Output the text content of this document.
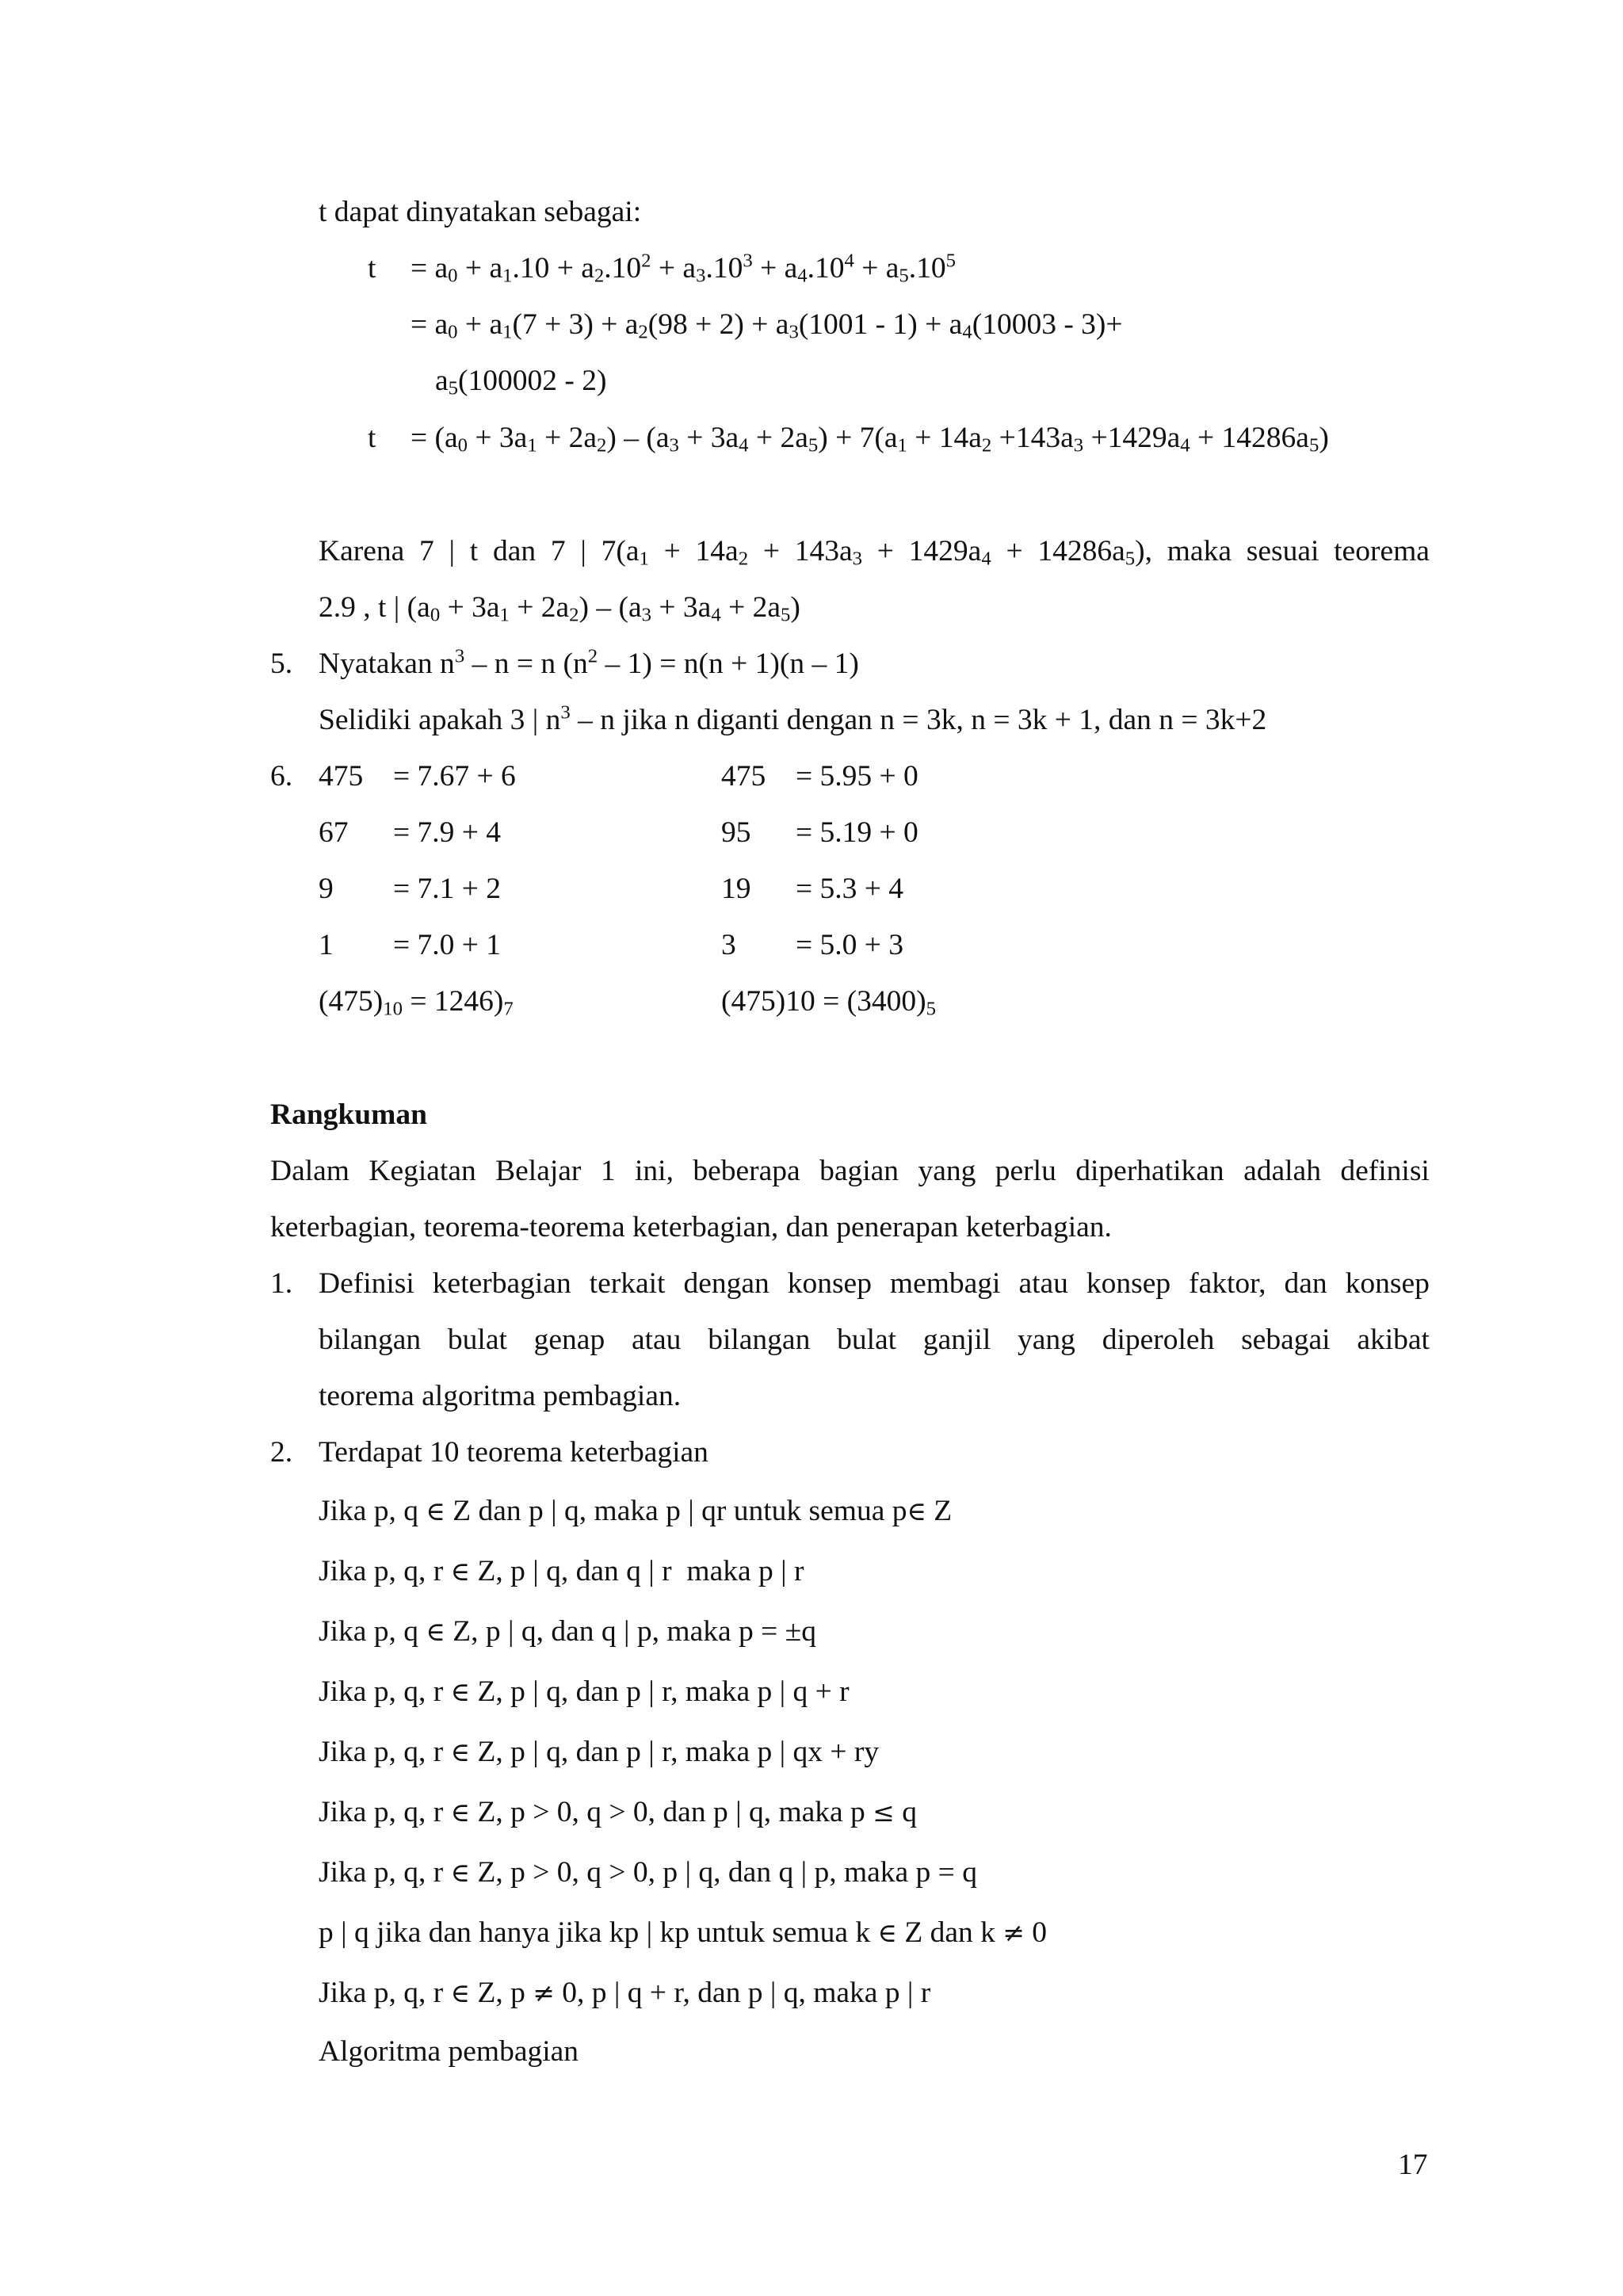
t dapat dinyatakan sebagai:
$t = a_0 + a_1.10 + a_2.10^2 + a_3.10^3 + a_4.10^4 + a_5.10^5$
= $a_0 + a_1(7 + 3) + a_2(98 + 2) + a_3(1001 - 1) + a_4(10003 - 3)+$
$a_5(100002 - 2)$
$t = (a_0 + 3a_1 + 2a_2) - (a_3 + 3a_4 + 2a_5) + 7(a_1 + 14a_2 +143a_3 +1429a_4 + 14286a_5)$
Karena 7 | t dan 7 | $7(a_1 + 14a_2 + 143a_3 + 1429a_4 + 14286a_5)$, maka sesuai teorema
2.9 , t | $(a_0 + 3a_1 + 2a_2) - (a_3 + 3a_4 + 2a_5)$
5. Nyatakan $n^3 - n = n$ $(n^2 - 1) = n(n + 1)(n - 1)$
Selidiki apakah 3 | $n^3$ – n jika n diganti dengan n = 3k, n = 3k + 1, dan n = 3k+2
6. 475 = 7.67 + 6	475 = 5.95 + 0
67 = 7.9 + 4	95 = 5.19 + 0
9 = 7.1 + 2	19 = 5.3 + 4
1 = 7.0 + 1	3 = 5.0 + 3
$(475)_{10} = 1246)_7$	$(475)10 = (3400)_5$
Rangkuman
Dalam Kegiatan Belajar 1 ini, beberapa bagian yang perlu diperhatikan adalah definisi
keterbagian, teorema-teorema keterbagian, dan penerapan keterbagian.
1. Definisi keterbagian terkait dengan konsep membagi atau konsep faktor, dan konsep
bilangan bulat genap atau bilangan bulat ganjil yang diperoleh sebagai akibat
teorema algoritma pembagian.
2. Terdapat 10 teorema keterbagian
Jika p, q ∈ Z dan p | q, maka p | qr untuk semua p∈ Z
Jika p, q, r ∈ Z, p | q, dan q | r  maka p | r
Jika p, q ∈ Z, p | q, dan q | p, maka p = ±q
Jika p, q, r ∈ Z, p | q, dan p | r, maka p | q + r
Jika p, q, r ∈ Z, p | q, dan p | r, maka p | qx + ry
Jika p, q, r ∈ Z, p > 0, q > 0, dan p | q, maka p ≤ q
Jika p, q, r ∈ Z, p > 0, q > 0, p | q, dan q | p, maka p = q
p | q jika dan hanya jika kp | kp untuk semua k ∈ Z dan k ≠ 0
Jika p, q, r ∈ Z, p ≠ 0, p | q + r, dan p | q, maka p | r
Algoritma pembagian
17
